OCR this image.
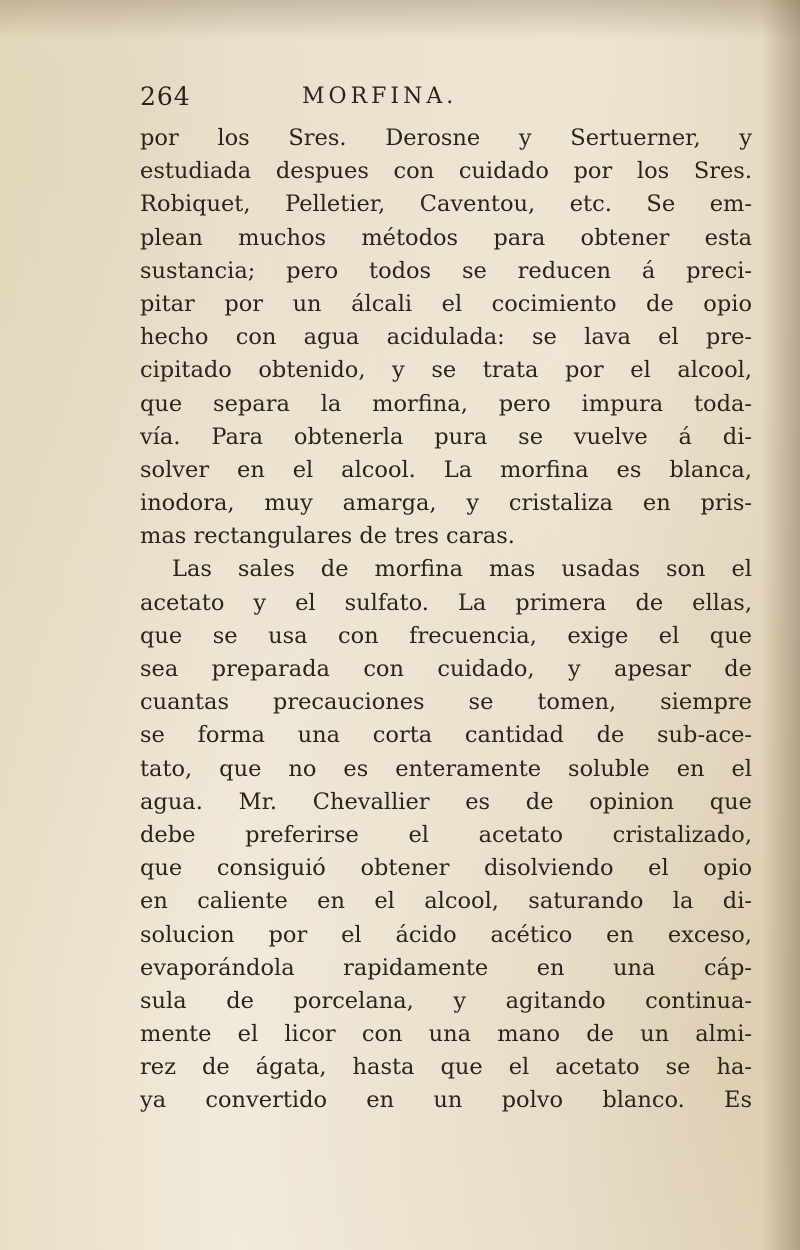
264	MORFINA.
por los Sres. Derosne y Sertuerner, y
estudiada despues con cuidado por los Sres.
Robiquet, Pelletier, Caventou, etc. Se em-
plean muchos métodos para obtener esta
sustancia; pero todos se reducen á preci-
pitar por un álcali el cocimiento de opio
hecho con agua acidulada: se lava el pre-
cipitado obtenido, y se trata por el alcool,
que separa la morfina, pero impura toda-
vía. Para obtenerla pura se vuelve á di-
solver en el alcool. La morfina es blanca,
inodora, muy amarga, y cristaliza en pris-
mas rectangulares de tres caras.
Las sales de morfina mas usadas son el
acetato y el sulfato. La primera de ellas,
que se usa con frecuencia, exige el que
sea preparada con cuidado, y apesar de
cuantas precauciones se tomen, siempre
se forma una corta cantidad de sub-ace-
tato, que no es enteramente soluble en el
agua. Mr. Chevallier es de opinion que
debe preferirse el acetato cristalizado,
que consiguió obtener disolviendo el opio
en caliente en el alcool, saturando la di-
solucion por el ácido acético en exceso,
evaporándola rapidamente en una cáp-
sula de porcelana, y agitando continua-
mente el licor con una mano de un almi-
rez de ágata, hasta que el acetato se ha-
ya convertido en un polvo blanco. Es
